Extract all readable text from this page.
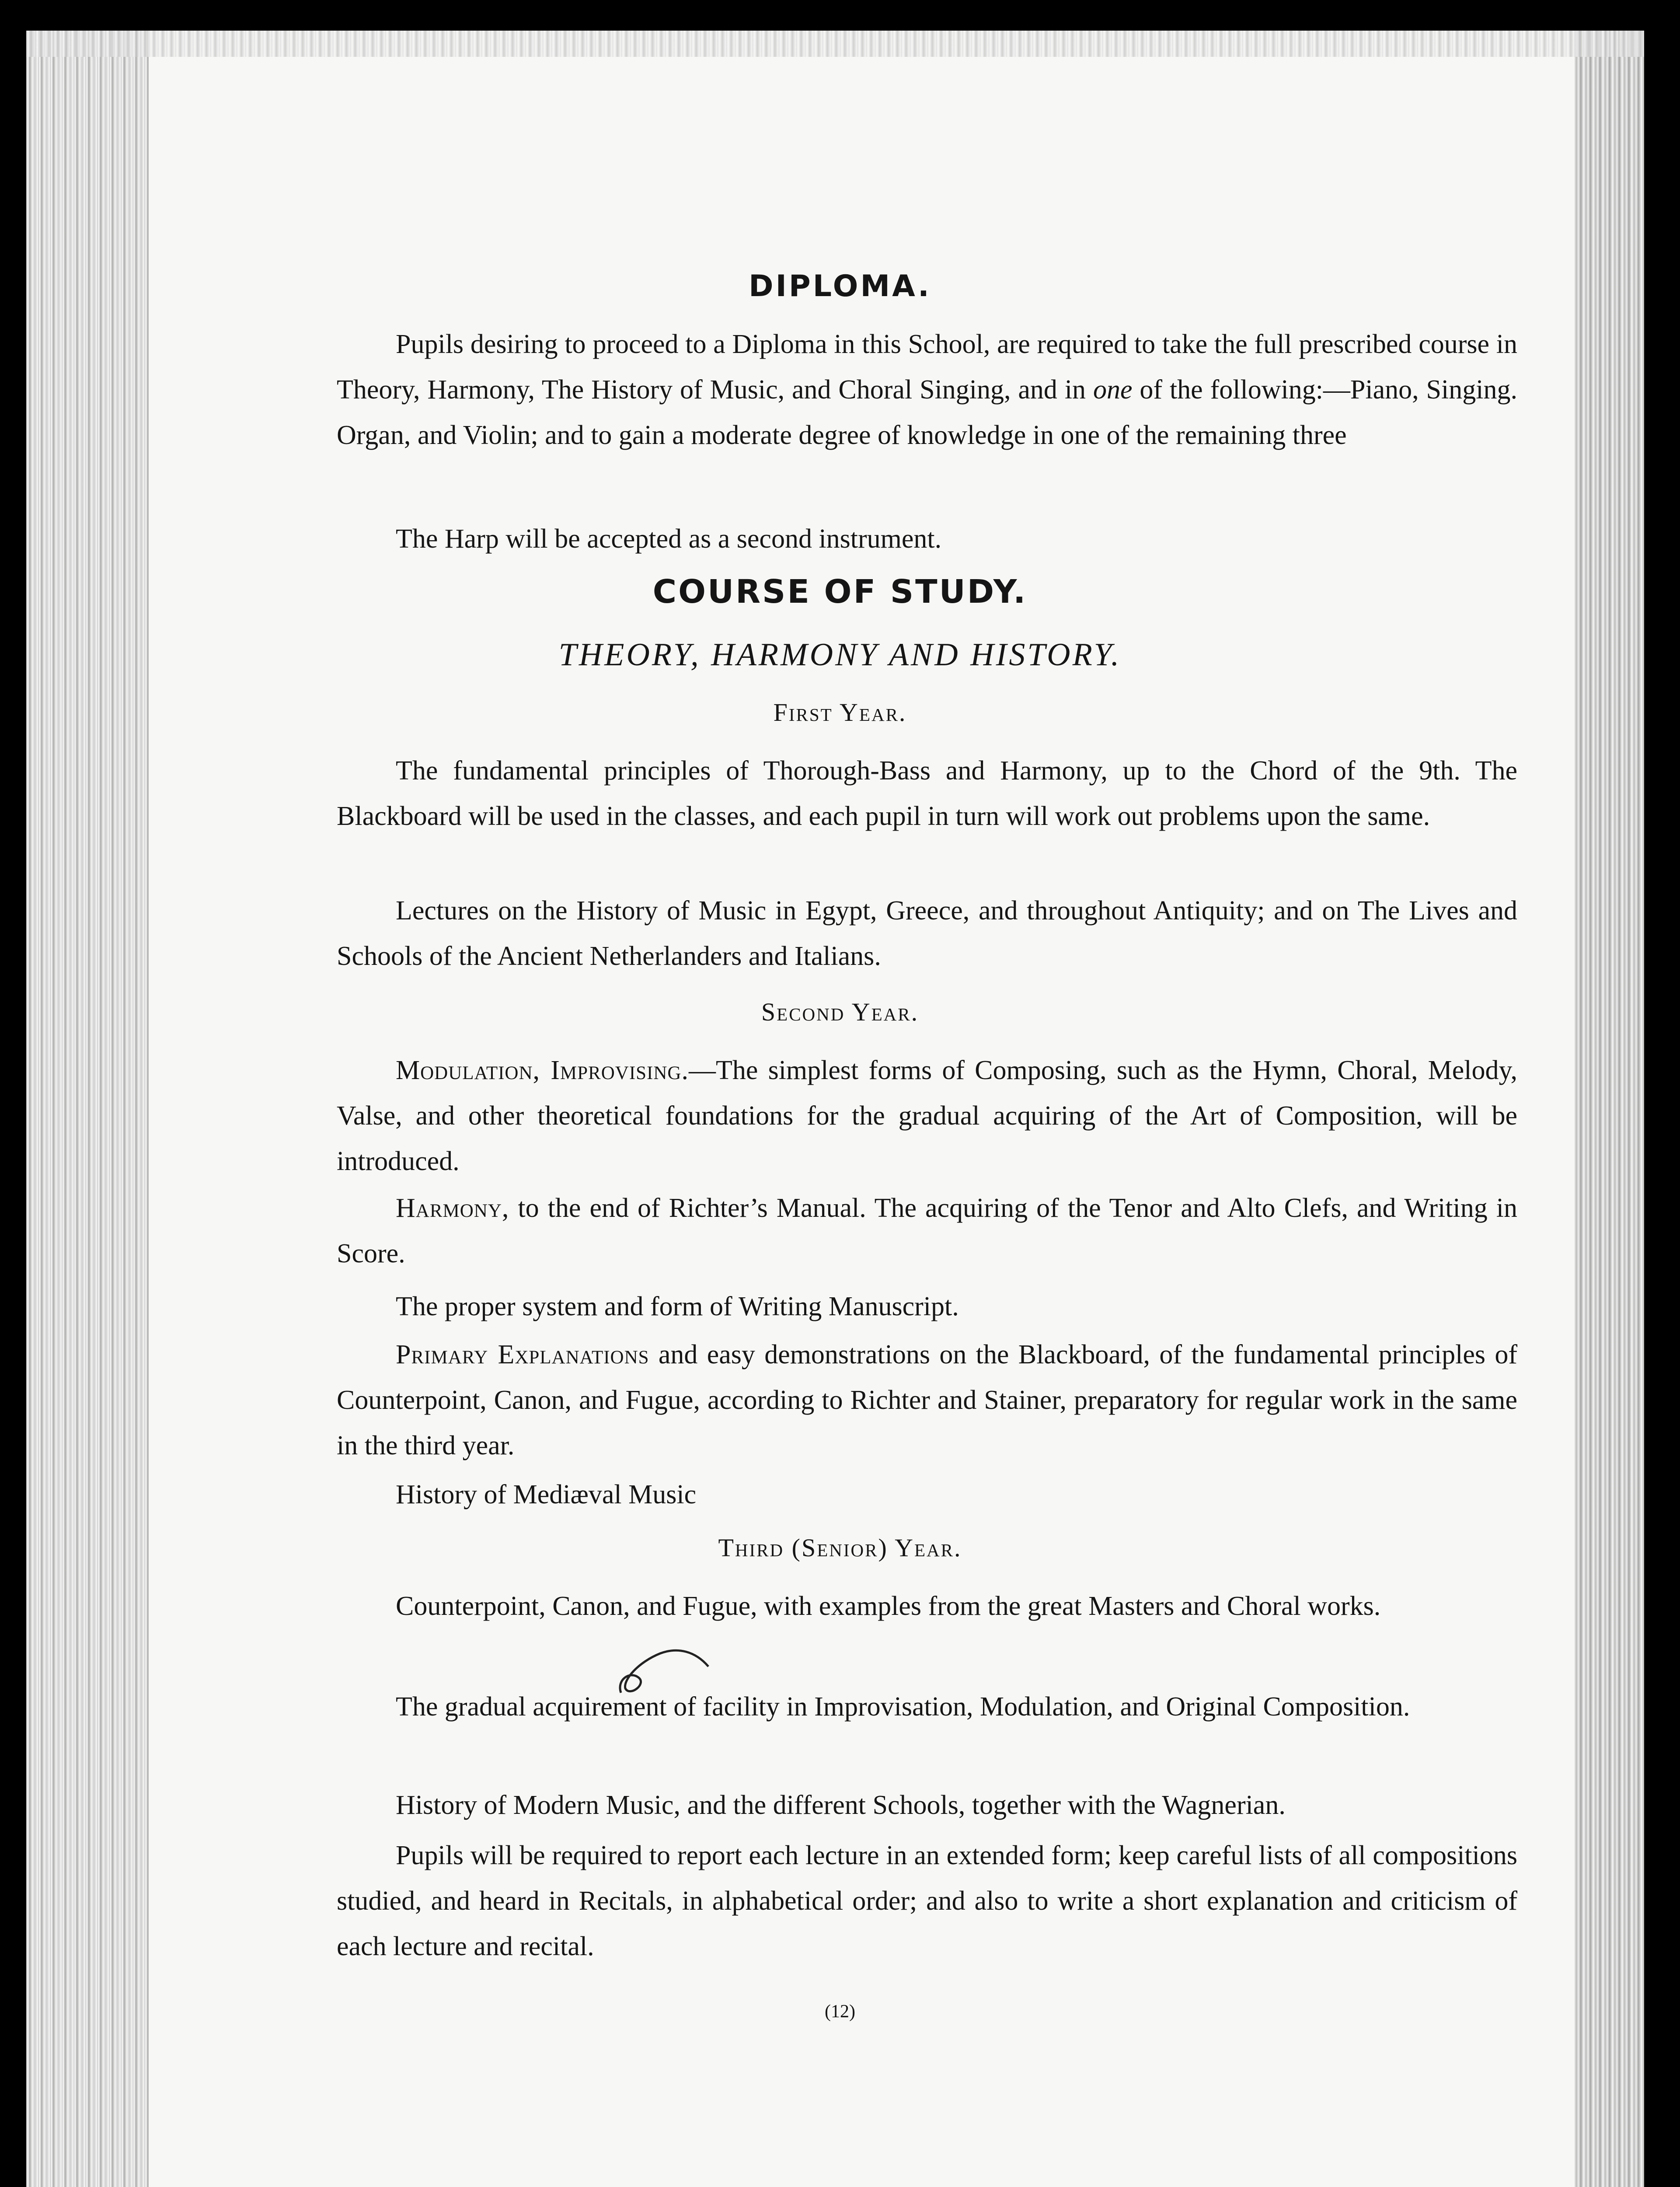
DIPLOMA.

Pupils desiring to proceed to a Diploma in this School, are required to take the full prescribed course in Theory, Harmony, The History of Music, and Choral Singing, and in one of the following:—Piano, Singing. Organ, and Violin; and to gain a moderate degree of knowledge in one of the remaining three

The Harp will be accepted as a second instrument.

COURSE OF STUDY.
THEORY, HARMONY AND HISTORY.
First Year.

The fundamental principles of Thorough-Bass and Harmony, up to the Chord of the 9th. The Blackboard will be used in the classes, and each pupil in turn will work out problems upon the same.

Lectures on the History of Music in Egypt, Greece, and throughout Antiquity; and on The Lives and Schools of the Ancient Netherlanders and Italians.

Second Year.

Modulation, Improvising.—The simplest forms of Composing, such as the Hymn, Choral, Melody, Valse, and other theoretical foundations for the gradual acquiring of the Art of Composition, will be introduced.

Harmony, to the end of Richter’s Manual. The acquiring of the Tenor and Alto Clefs, and Writing in Score.

The proper system and form of Writing Manuscript.

Primary Explanations and easy demonstrations on the Blackboard, of the fundamental principles of Counterpoint, Canon, and Fugue, according to Richter and Stainer, preparatory for regular work in the same in the third year.

History of Mediæval Music

Third (Senior) Year.

Counterpoint, Canon, and Fugue, with examples from the great Masters and Choral works.

The gradual acquirement of facility in Improvisation, Modulation, and Original Composition.

History of Modern Music, and the different Schools, together with the Wagnerian.

Pupils will be required to report each lecture in an extended form; keep careful lists of all compositions studied, and heard in Recitals, in alphabetical order; and also to write a short explanation and criticism of each lecture and recital.

(12)
